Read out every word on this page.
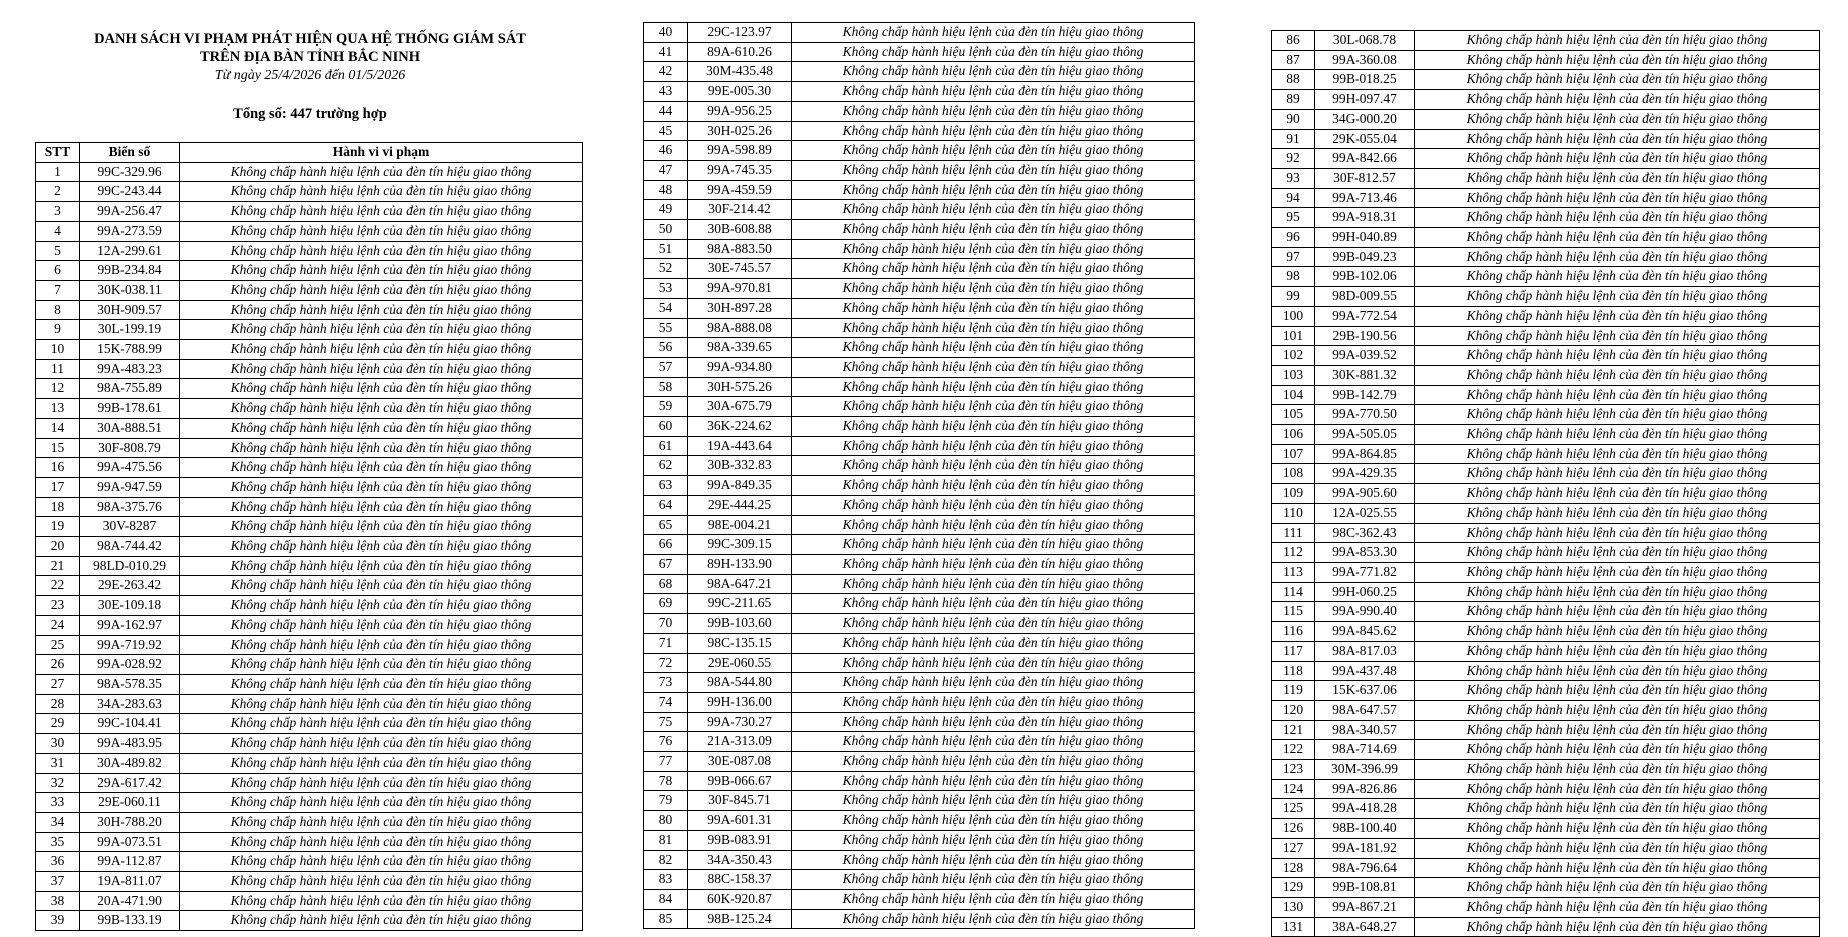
DANH SÁCH VI PHẠM PHÁT HIỆN QUA HỆ THỐNG GIÁM SÁT
TRÊN ĐỊA BÀN TỈNH BẮC NINH
Từ ngày 25/4/2026 đến 01/5/2026
Tổng số: 447 trường hợp
STT	Biển số	Hành vi vi phạm
1	99C-329.96	Không chấp hành hiệu lệnh của đèn tín hiệu giao thông
2	99C-243.44	Không chấp hành hiệu lệnh của đèn tín hiệu giao thông
3	99A-256.47	Không chấp hành hiệu lệnh của đèn tín hiệu giao thông
4	99A-273.59	Không chấp hành hiệu lệnh của đèn tín hiệu giao thông
5	12A-299.61	Không chấp hành hiệu lệnh của đèn tín hiệu giao thông
6	99B-234.84	Không chấp hành hiệu lệnh của đèn tín hiệu giao thông
7	30K-038.11	Không chấp hành hiệu lệnh của đèn tín hiệu giao thông
8	30H-909.57	Không chấp hành hiệu lệnh của đèn tín hiệu giao thông
9	30L-199.19	Không chấp hành hiệu lệnh của đèn tín hiệu giao thông
10	15K-788.99	Không chấp hành hiệu lệnh của đèn tín hiệu giao thông
11	99A-483.23	Không chấp hành hiệu lệnh của đèn tín hiệu giao thông
12	98A-755.89	Không chấp hành hiệu lệnh của đèn tín hiệu giao thông
13	99B-178.61	Không chấp hành hiệu lệnh của đèn tín hiệu giao thông
14	30A-888.51	Không chấp hành hiệu lệnh của đèn tín hiệu giao thông
15	30F-808.79	Không chấp hành hiệu lệnh của đèn tín hiệu giao thông
16	99A-475.56	Không chấp hành hiệu lệnh của đèn tín hiệu giao thông
17	99A-947.59	Không chấp hành hiệu lệnh của đèn tín hiệu giao thông
18	98A-375.76	Không chấp hành hiệu lệnh của đèn tín hiệu giao thông
19	30V-8287	Không chấp hành hiệu lệnh của đèn tín hiệu giao thông
20	98A-744.42	Không chấp hành hiệu lệnh của đèn tín hiệu giao thông
21	98LD-010.29	Không chấp hành hiệu lệnh của đèn tín hiệu giao thông
22	29E-263.42	Không chấp hành hiệu lệnh của đèn tín hiệu giao thông
23	30E-109.18	Không chấp hành hiệu lệnh của đèn tín hiệu giao thông
24	99A-162.97	Không chấp hành hiệu lệnh của đèn tín hiệu giao thông
25	99A-719.92	Không chấp hành hiệu lệnh của đèn tín hiệu giao thông
26	99A-028.92	Không chấp hành hiệu lệnh của đèn tín hiệu giao thông
27	98A-578.35	Không chấp hành hiệu lệnh của đèn tín hiệu giao thông
28	34A-283.63	Không chấp hành hiệu lệnh của đèn tín hiệu giao thông
29	99C-104.41	Không chấp hành hiệu lệnh của đèn tín hiệu giao thông
30	99A-483.95	Không chấp hành hiệu lệnh của đèn tín hiệu giao thông
31	30A-489.82	Không chấp hành hiệu lệnh của đèn tín hiệu giao thông
32	29A-617.42	Không chấp hành hiệu lệnh của đèn tín hiệu giao thông
33	29E-060.11	Không chấp hành hiệu lệnh của đèn tín hiệu giao thông
34	30H-788.20	Không chấp hành hiệu lệnh của đèn tín hiệu giao thông
35	99A-073.51	Không chấp hành hiệu lệnh của đèn tín hiệu giao thông
36	99A-112.87	Không chấp hành hiệu lệnh của đèn tín hiệu giao thông
37	19A-811.07	Không chấp hành hiệu lệnh của đèn tín hiệu giao thông
38	20A-471.90	Không chấp hành hiệu lệnh của đèn tín hiệu giao thông
39	99B-133.19	Không chấp hành hiệu lệnh của đèn tín hiệu giao thông
40	29C-123.97	Không chấp hành hiệu lệnh của đèn tín hiệu giao thông
41	89A-610.26	Không chấp hành hiệu lệnh của đèn tín hiệu giao thông
42	30M-435.48	Không chấp hành hiệu lệnh của đèn tín hiệu giao thông
43	99E-005.30	Không chấp hành hiệu lệnh của đèn tín hiệu giao thông
44	99A-956.25	Không chấp hành hiệu lệnh của đèn tín hiệu giao thông
45	30H-025.26	Không chấp hành hiệu lệnh của đèn tín hiệu giao thông
46	99A-598.89	Không chấp hành hiệu lệnh của đèn tín hiệu giao thông
47	99A-745.35	Không chấp hành hiệu lệnh của đèn tín hiệu giao thông
48	99A-459.59	Không chấp hành hiệu lệnh của đèn tín hiệu giao thông
49	30F-214.42	Không chấp hành hiệu lệnh của đèn tín hiệu giao thông
50	30B-608.88	Không chấp hành hiệu lệnh của đèn tín hiệu giao thông
51	98A-883.50	Không chấp hành hiệu lệnh của đèn tín hiệu giao thông
52	30E-745.57	Không chấp hành hiệu lệnh của đèn tín hiệu giao thông
53	99A-970.81	Không chấp hành hiệu lệnh của đèn tín hiệu giao thông
54	30H-897.28	Không chấp hành hiệu lệnh của đèn tín hiệu giao thông
55	98A-888.08	Không chấp hành hiệu lệnh của đèn tín hiệu giao thông
56	98A-339.65	Không chấp hành hiệu lệnh của đèn tín hiệu giao thông
57	99A-934.80	Không chấp hành hiệu lệnh của đèn tín hiệu giao thông
58	30H-575.26	Không chấp hành hiệu lệnh của đèn tín hiệu giao thông
59	30A-675.79	Không chấp hành hiệu lệnh của đèn tín hiệu giao thông
60	36K-224.62	Không chấp hành hiệu lệnh của đèn tín hiệu giao thông
61	19A-443.64	Không chấp hành hiệu lệnh của đèn tín hiệu giao thông
62	30B-332.83	Không chấp hành hiệu lệnh của đèn tín hiệu giao thông
63	99A-849.35	Không chấp hành hiệu lệnh của đèn tín hiệu giao thông
64	29E-444.25	Không chấp hành hiệu lệnh của đèn tín hiệu giao thông
65	98E-004.21	Không chấp hành hiệu lệnh của đèn tín hiệu giao thông
66	99C-309.15	Không chấp hành hiệu lệnh của đèn tín hiệu giao thông
67	89H-133.90	Không chấp hành hiệu lệnh của đèn tín hiệu giao thông
68	98A-647.21	Không chấp hành hiệu lệnh của đèn tín hiệu giao thông
69	99C-211.65	Không chấp hành hiệu lệnh của đèn tín hiệu giao thông
70	99B-103.60	Không chấp hành hiệu lệnh của đèn tín hiệu giao thông
71	98C-135.15	Không chấp hành hiệu lệnh của đèn tín hiệu giao thông
72	29E-060.55	Không chấp hành hiệu lệnh của đèn tín hiệu giao thông
73	98A-544.80	Không chấp hành hiệu lệnh của đèn tín hiệu giao thông
74	99H-136.00	Không chấp hành hiệu lệnh của đèn tín hiệu giao thông
75	99A-730.27	Không chấp hành hiệu lệnh của đèn tín hiệu giao thông
76	21A-313.09	Không chấp hành hiệu lệnh của đèn tín hiệu giao thông
77	30E-087.08	Không chấp hành hiệu lệnh của đèn tín hiệu giao thông
78	99B-066.67	Không chấp hành hiệu lệnh của đèn tín hiệu giao thông
79	30F-845.71	Không chấp hành hiệu lệnh của đèn tín hiệu giao thông
80	99A-601.31	Không chấp hành hiệu lệnh của đèn tín hiệu giao thông
81	99B-083.91	Không chấp hành hiệu lệnh của đèn tín hiệu giao thông
82	34A-350.43	Không chấp hành hiệu lệnh của đèn tín hiệu giao thông
83	88C-158.37	Không chấp hành hiệu lệnh của đèn tín hiệu giao thông
84	60K-920.87	Không chấp hành hiệu lệnh của đèn tín hiệu giao thông
85	98B-125.24	Không chấp hành hiệu lệnh của đèn tín hiệu giao thông
86	30L-068.78	Không chấp hành hiệu lệnh của đèn tín hiệu giao thông
87	99A-360.08	Không chấp hành hiệu lệnh của đèn tín hiệu giao thông
88	99B-018.25	Không chấp hành hiệu lệnh của đèn tín hiệu giao thông
89	99H-097.47	Không chấp hành hiệu lệnh của đèn tín hiệu giao thông
90	34G-000.20	Không chấp hành hiệu lệnh của đèn tín hiệu giao thông
91	29K-055.04	Không chấp hành hiệu lệnh của đèn tín hiệu giao thông
92	99A-842.66	Không chấp hành hiệu lệnh của đèn tín hiệu giao thông
93	30F-812.57	Không chấp hành hiệu lệnh của đèn tín hiệu giao thông
94	99A-713.46	Không chấp hành hiệu lệnh của đèn tín hiệu giao thông
95	99A-918.31	Không chấp hành hiệu lệnh của đèn tín hiệu giao thông
96	99H-040.89	Không chấp hành hiệu lệnh của đèn tín hiệu giao thông
97	99B-049.23	Không chấp hành hiệu lệnh của đèn tín hiệu giao thông
98	99B-102.06	Không chấp hành hiệu lệnh của đèn tín hiệu giao thông
99	98D-009.55	Không chấp hành hiệu lệnh của đèn tín hiệu giao thông
100	99A-772.54	Không chấp hành hiệu lệnh của đèn tín hiệu giao thông
101	29B-190.56	Không chấp hành hiệu lệnh của đèn tín hiệu giao thông
102	99A-039.52	Không chấp hành hiệu lệnh của đèn tín hiệu giao thông
103	30K-881.32	Không chấp hành hiệu lệnh của đèn tín hiệu giao thông
104	99B-142.79	Không chấp hành hiệu lệnh của đèn tín hiệu giao thông
105	99A-770.50	Không chấp hành hiệu lệnh của đèn tín hiệu giao thông
106	99A-505.05	Không chấp hành hiệu lệnh của đèn tín hiệu giao thông
107	99A-864.85	Không chấp hành hiệu lệnh của đèn tín hiệu giao thông
108	99A-429.35	Không chấp hành hiệu lệnh của đèn tín hiệu giao thông
109	99A-905.60	Không chấp hành hiệu lệnh của đèn tín hiệu giao thông
110	12A-025.55	Không chấp hành hiệu lệnh của đèn tín hiệu giao thông
111	98C-362.43	Không chấp hành hiệu lệnh của đèn tín hiệu giao thông
112	99A-853.30	Không chấp hành hiệu lệnh của đèn tín hiệu giao thông
113	99A-771.82	Không chấp hành hiệu lệnh của đèn tín hiệu giao thông
114	99H-060.25	Không chấp hành hiệu lệnh của đèn tín hiệu giao thông
115	99A-990.40	Không chấp hành hiệu lệnh của đèn tín hiệu giao thông
116	99A-845.62	Không chấp hành hiệu lệnh của đèn tín hiệu giao thông
117	98A-817.03	Không chấp hành hiệu lệnh của đèn tín hiệu giao thông
118	99A-437.48	Không chấp hành hiệu lệnh của đèn tín hiệu giao thông
119	15K-637.06	Không chấp hành hiệu lệnh của đèn tín hiệu giao thông
120	98A-647.57	Không chấp hành hiệu lệnh của đèn tín hiệu giao thông
121	98A-340.57	Không chấp hành hiệu lệnh của đèn tín hiệu giao thông
122	98A-714.69	Không chấp hành hiệu lệnh của đèn tín hiệu giao thông
123	30M-396.99	Không chấp hành hiệu lệnh của đèn tín hiệu giao thông
124	99A-826.86	Không chấp hành hiệu lệnh của đèn tín hiệu giao thông
125	99A-418.28	Không chấp hành hiệu lệnh của đèn tín hiệu giao thông
126	98B-100.40	Không chấp hành hiệu lệnh của đèn tín hiệu giao thông
127	99A-181.92	Không chấp hành hiệu lệnh của đèn tín hiệu giao thông
128	98A-796.64	Không chấp hành hiệu lệnh của đèn tín hiệu giao thông
129	99B-108.81	Không chấp hành hiệu lệnh của đèn tín hiệu giao thông
130	99A-867.21	Không chấp hành hiệu lệnh của đèn tín hiệu giao thông
131	38A-648.27	Không chấp hành hiệu lệnh của đèn tín hiệu giao thông
